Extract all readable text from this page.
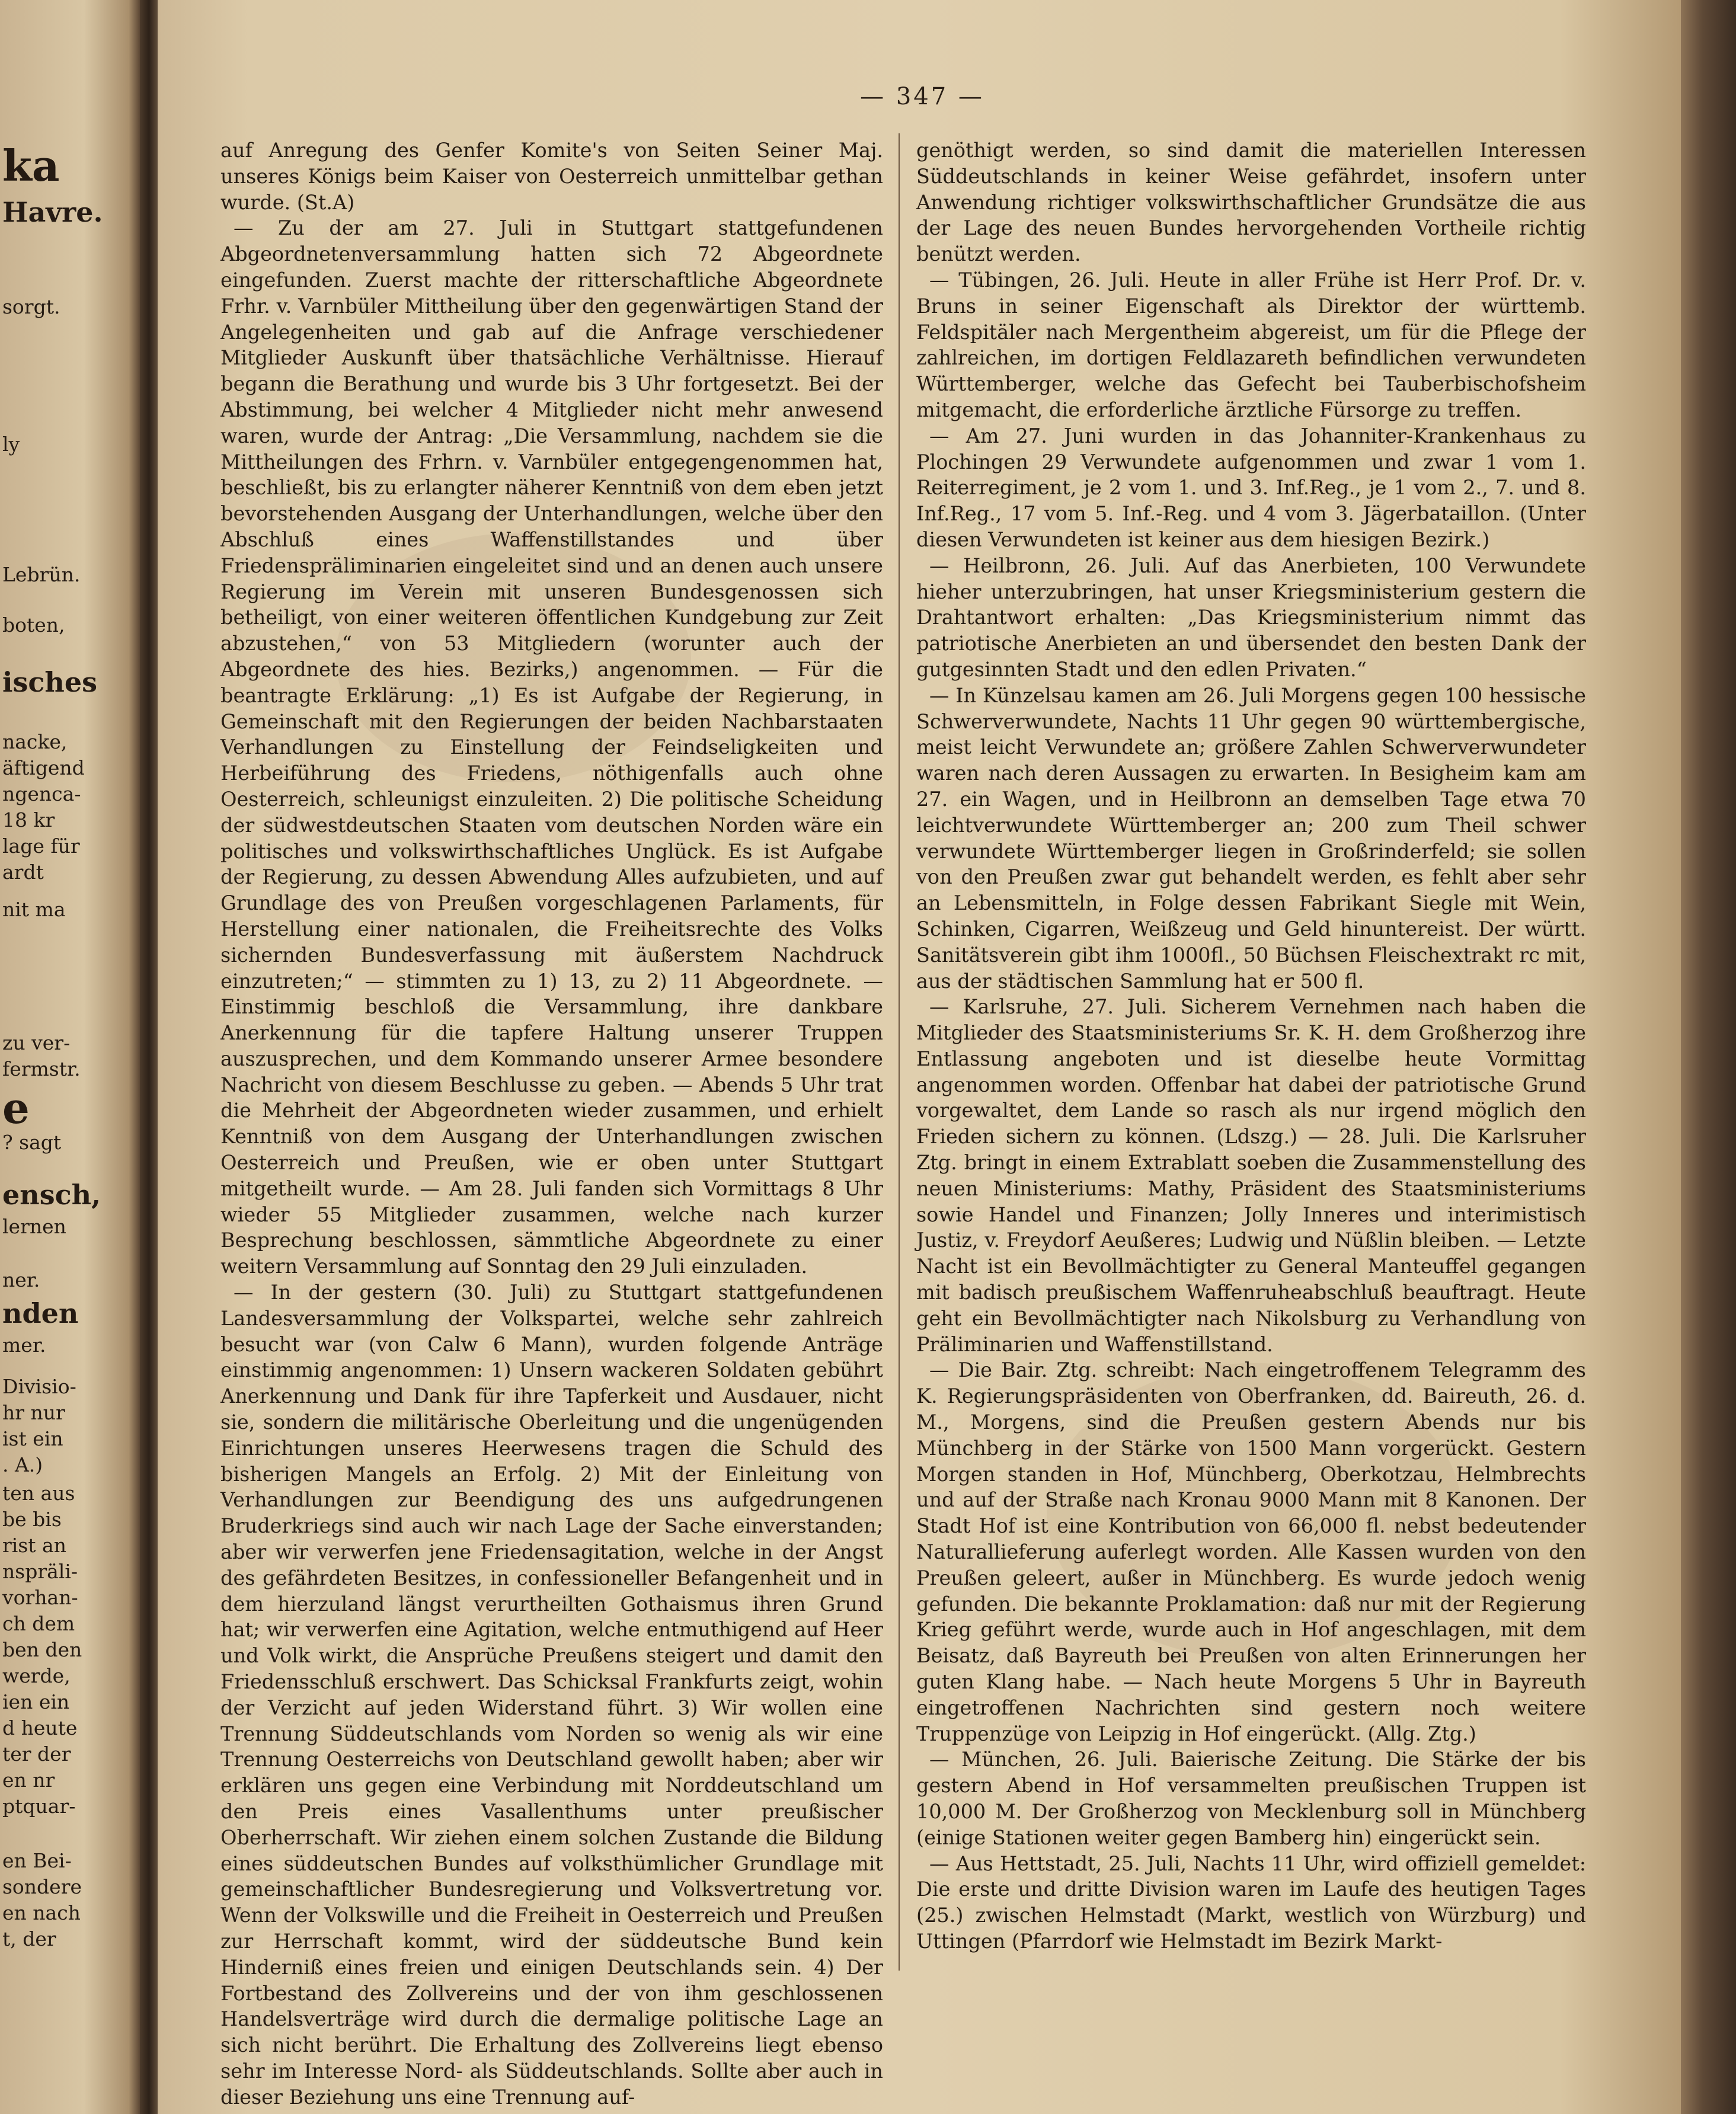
ka
Havre.
sorgt.
ly
Lebrün.
boten,
isches
nacke,
äftigend
ngenca-
18 kr
lage für
ardt
nit ma
zu ver-
fermstr.
e
? sagt
ensch,
lernen
ner.
nden
mer.
Divisio-
hr nur
ist ein
. A.)
ten aus
be bis
rist an
nspräli-
vorhan-
ch dem
ben den
werde,
ien ein
d heute
ter der
en nr
ptquar-
en Bei-
sondere
en nach
t, der
— 347 —

auf Anregung des Genfer Komite's von Seiten Seiner Maj. unseres Königs beim Kaiser von Oesterreich unmittelbar gethan wurde. (St.A)

— Zu der am 27. Juli in Stuttgart stattgefundenen Abgeordnetenversammlung hatten sich 72 Abgeordnete eingefunden. Zuerst machte der ritterschaftliche Abgeordnete Frhr. v. Varnbüler Mittheilung über den gegenwärtigen Stand der Angelegenheiten und gab auf die Anfrage verschiedener Mitglieder Auskunft über thatsächliche Verhältnisse. Hierauf begann die Berathung und wurde bis 3 Uhr fortgesetzt. Bei der Abstimmung, bei welcher 4 Mitglieder nicht mehr anwesend waren, wurde der Antrag: „Die Versammlung, nachdem sie die Mittheilungen des Frhrn. v. Varnbüler entgegengenommen hat, beschließt, bis zu erlangter näherer Kenntniß von dem eben jetzt bevorstehenden Ausgang der Unterhandlungen, welche über den Abschluß eines Waffenstillstandes und über Friedenspräliminarien eingeleitet sind und an denen auch unsere Regierung im Verein mit unseren Bundesgenossen sich betheiligt, von einer weiteren öffentlichen Kundgebung zur Zeit abzustehen,“ von 53 Mitgliedern (worunter auch der Abgeordnete des hies. Bezirks,) angenommen. — Für die beantragte Erklärung: „1) Es ist Aufgabe der Regierung, in Gemeinschaft mit den Regierungen der beiden Nachbarstaaten Verhandlungen zu Einstellung der Feindseligkeiten und Herbeiführung des Friedens, nöthigenfalls auch ohne Oesterreich, schleunigst einzuleiten. 2) Die politische Scheidung der südwestdeutschen Staaten vom deutschen Norden wäre ein politisches und volkswirthschaftliches Unglück. Es ist Aufgabe der Regierung, zu dessen Abwendung Alles aufzubieten, und auf Grundlage des von Preußen vorgeschlagenen Parlaments, für Herstellung einer nationalen, die Freiheitsrechte des Volks sichernden Bundesverfassung mit äußerstem Nachdruck einzutreten;“ — stimmten zu 1) 13, zu 2) 11 Abgeordnete. — Einstimmig beschloß die Versammlung, ihre dankbare Anerkennung für die tapfere Haltung unserer Truppen auszusprechen, und dem Kommando unserer Armee besondere Nachricht von diesem Beschlusse zu geben. — Abends 5 Uhr trat die Mehrheit der Abgeordneten wieder zusammen, und erhielt Kenntniß von dem Ausgang der Unterhandlungen zwischen Oesterreich und Preußen, wie er oben unter Stuttgart mitgetheilt wurde. — Am 28. Juli fanden sich Vormittags 8 Uhr wieder 55 Mitglieder zusammen, welche nach kurzer Besprechung beschlossen, sämmtliche Abgeordnete zu einer weitern Versammlung auf Sonntag den 29 Juli einzuladen.

— In der gestern (30. Juli) zu Stuttgart stattgefundenen Landesversammlung der Volkspartei, welche sehr zahlreich besucht war (von Calw 6 Mann), wurden folgende Anträge einstimmig angenommen: 1) Unsern wackeren Soldaten gebührt Anerkennung und Dank für ihre Tapferkeit und Ausdauer, nicht sie, sondern die militärische Oberleitung und die ungenügenden Einrichtungen unseres Heerwesens tragen die Schuld des bisherigen Mangels an Erfolg. 2) Mit der Einleitung von Verhandlungen zur Beendigung des uns aufgedrungenen Bruderkriegs sind auch wir nach Lage der Sache einverstanden; aber wir verwerfen jene Friedensagitation, welche in der Angst des gefährdeten Besitzes, in confessioneller Befangenheit und in dem hierzuland längst verurtheilten Gothaismus ihren Grund hat; wir verwerfen eine Agitation, welche entmuthigend auf Heer und Volk wirkt, die Ansprüche Preußens steigert und damit den Friedensschluß erschwert. Das Schicksal Frankfurts zeigt, wohin der Verzicht auf jeden Widerstand führt. 3) Wir wollen eine Trennung Süddeutschlands vom Norden so wenig als wir eine Trennung Oesterreichs von Deutschland gewollt haben; aber wir erklären uns gegen eine Verbindung mit Norddeutschland um den Preis eines Vasallenthums unter preußischer Oberherrschaft. Wir ziehen einem solchen Zustande die Bildung eines süddeutschen Bundes auf volksthümlicher Grundlage mit gemeinschaftlicher Bundesregierung und Volksvertretung vor. Wenn der Volkswille und die Freiheit in Oesterreich und Preußen zur Herrschaft kommt, wird der süddeutsche Bund kein Hinderniß eines freien und einigen Deutschlands sein. 4) Der Fortbestand des Zollvereins und der von ihm geschlossenen Handelsverträge wird durch die dermalige politische Lage an sich nicht berührt. Die Erhaltung des Zollvereins liegt ebenso sehr im Interesse Nord- als Süddeutschlands. Sollte aber auch in dieser Beziehung uns eine Trennung auf-

genöthigt werden, so sind damit die materiellen Interessen Süddeutschlands in keiner Weise gefährdet, insofern unter Anwendung richtiger volkswirthschaftlicher Grundsätze die aus der Lage des neuen Bundes hervorgehenden Vortheile richtig benützt werden.

— Tübingen, 26. Juli. Heute in aller Frühe ist Herr Prof. Dr. v. Bruns in seiner Eigenschaft als Direktor der württemb. Feldspitäler nach Mergentheim abgereist, um für die Pflege der zahlreichen, im dortigen Feldlazareth befindlichen verwundeten Württemberger, welche das Gefecht bei Tauberbischofsheim mitgemacht, die erforderliche ärztliche Fürsorge zu treffen.

— Am 27. Juni wurden in das Johanniter-Krankenhaus zu Plochingen 29 Verwundete aufgenommen und zwar 1 vom 1. Reiterregiment, je 2 vom 1. und 3. Inf.Reg., je 1 vom 2., 7. und 8. Inf.Reg., 17 vom 5. Inf.-Reg. und 4 vom 3. Jägerbataillon. (Unter diesen Verwundeten ist keiner aus dem hiesigen Bezirk.)

— Heilbronn, 26. Juli. Auf das Anerbieten, 100 Verwundete hieher unterzubringen, hat unser Kriegsministerium gestern die Drahtantwort erhalten: „Das Kriegsministerium nimmt das patriotische Anerbieten an und übersendet den besten Dank der gutgesinnten Stadt und den edlen Privaten.“

— In Künzelsau kamen am 26. Juli Morgens gegen 100 hessische Schwerverwundete, Nachts 11 Uhr gegen 90 württembergische, meist leicht Verwundete an; größere Zahlen Schwerverwundeter waren nach deren Aussagen zu erwarten. In Besigheim kam am 27. ein Wagen, und in Heilbronn an demselben Tage etwa 70 leichtverwundete Württemberger an; 200 zum Theil schwer verwundete Württemberger liegen in Großrinderfeld; sie sollen von den Preußen zwar gut behandelt werden, es fehlt aber sehr an Lebensmitteln, in Folge dessen Fabrikant Siegle mit Wein, Schinken, Cigarren, Weißzeug und Geld hinuntereist. Der württ. Sanitätsverein gibt ihm 1000fl., 50 Büchsen Fleischextrakt rc mit, aus der städtischen Sammlung hat er 500 fl.

— Karlsruhe, 27. Juli. Sicherem Vernehmen nach haben die Mitglieder des Staatsministeriums Sr. K. H. dem Großherzog ihre Entlassung angeboten und ist dieselbe heute Vormittag angenommen worden. Offenbar hat dabei der patriotische Grund vorgewaltet, dem Lande so rasch als nur irgend möglich den Frieden sichern zu können. (Ldszg.) — 28. Juli. Die Karlsruher Ztg. bringt in einem Extrablatt soeben die Zusammenstellung des neuen Ministeriums: Mathy, Präsident des Staatsministeriums sowie Handel und Finanzen; Jolly Inneres und interimistisch Justiz, v. Freydorf Aeußeres; Ludwig und Nüßlin bleiben. — Letzte Nacht ist ein Bevollmächtigter zu General Manteuffel gegangen mit badisch preußischem Waffenruheabschluß beauftragt. Heute geht ein Bevollmächtigter nach Nikolsburg zu Verhandlung von Präliminarien und Waffenstillstand.

— Die Bair. Ztg. schreibt: Nach eingetroffenem Telegramm des K. Regierungspräsidenten von Oberfranken, dd. Baireuth, 26. d. M., Morgens, sind die Preußen gestern Abends nur bis Münchberg in der Stärke von 1500 Mann vorgerückt. Gestern Morgen standen in Hof, Münchberg, Oberkotzau, Helmbrechts und auf der Straße nach Kronau 9000 Mann mit 8 Kanonen. Der Stadt Hof ist eine Kontribution von 66,000 fl. nebst bedeutender Naturallieferung auferlegt worden. Alle Kassen wurden von den Preußen geleert, außer in Münchberg. Es wurde jedoch wenig gefunden. Die bekannte Proklamation: daß nur mit der Regierung Krieg geführt werde, wurde auch in Hof angeschlagen, mit dem Beisatz, daß Bayreuth bei Preußen von alten Erinnerungen her guten Klang habe. — Nach heute Morgens 5 Uhr in Bayreuth eingetroffenen Nachrichten sind gestern noch weitere Truppenzüge von Leipzig in Hof eingerückt. (Allg. Ztg.)

— München, 26. Juli. Baierische Zeitung. Die Stärke der bis gestern Abend in Hof versammelten preußischen Truppen ist 10,000 M. Der Großherzog von Mecklenburg soll in Münchberg (einige Stationen weiter gegen Bamberg hin) eingerückt sein.

— Aus Hettstadt, 25. Juli, Nachts 11 Uhr, wird offiziell gemeldet: Die erste und dritte Division waren im Laufe des heutigen Tages (25.) zwischen Helmstadt (Markt, westlich von Würzburg) und Uttingen (Pfarrdorf wie Helmstadt im Bezirk Markt-
